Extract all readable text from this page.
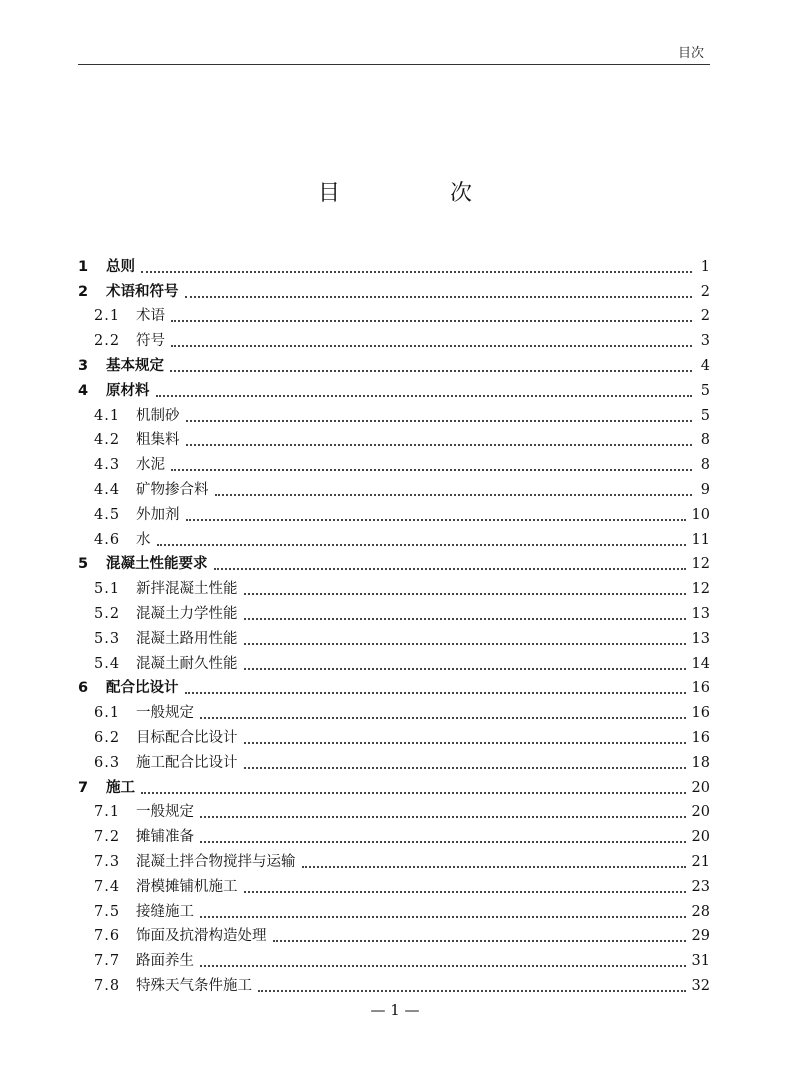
目次
目　次
1	总则	1
2	术语和符号	2
2.1	术语	2
2.2	符号	3
3	基本规定	4
4	原材料	5
4.1	机制砂	5
4.2	粗集料	8
4.3	水泥	8
4.4	矿物掺合料	9
4.5	外加剂	10
4.6	水	11
5	混凝土性能要求	12
5.1	新拌混凝土性能	12
5.2	混凝土力学性能	13
5.3	混凝土路用性能	13
5.4	混凝土耐久性能	14
6	配合比设计	16
6.1	一般规定	16
6.2	目标配合比设计	16
6.3	施工配合比设计	18
7	施工	20
7.1	一般规定	20
7.2	摊铺准备	20
7.3	混凝土拌合物搅拌与运输	21
7.4	滑模摊铺机施工	23
7.5	接缝施工	28
7.6	饰面及抗滑构造处理	29
7.7	路面养生	31
7.8	特殊天气条件施工	32
— 1 —
